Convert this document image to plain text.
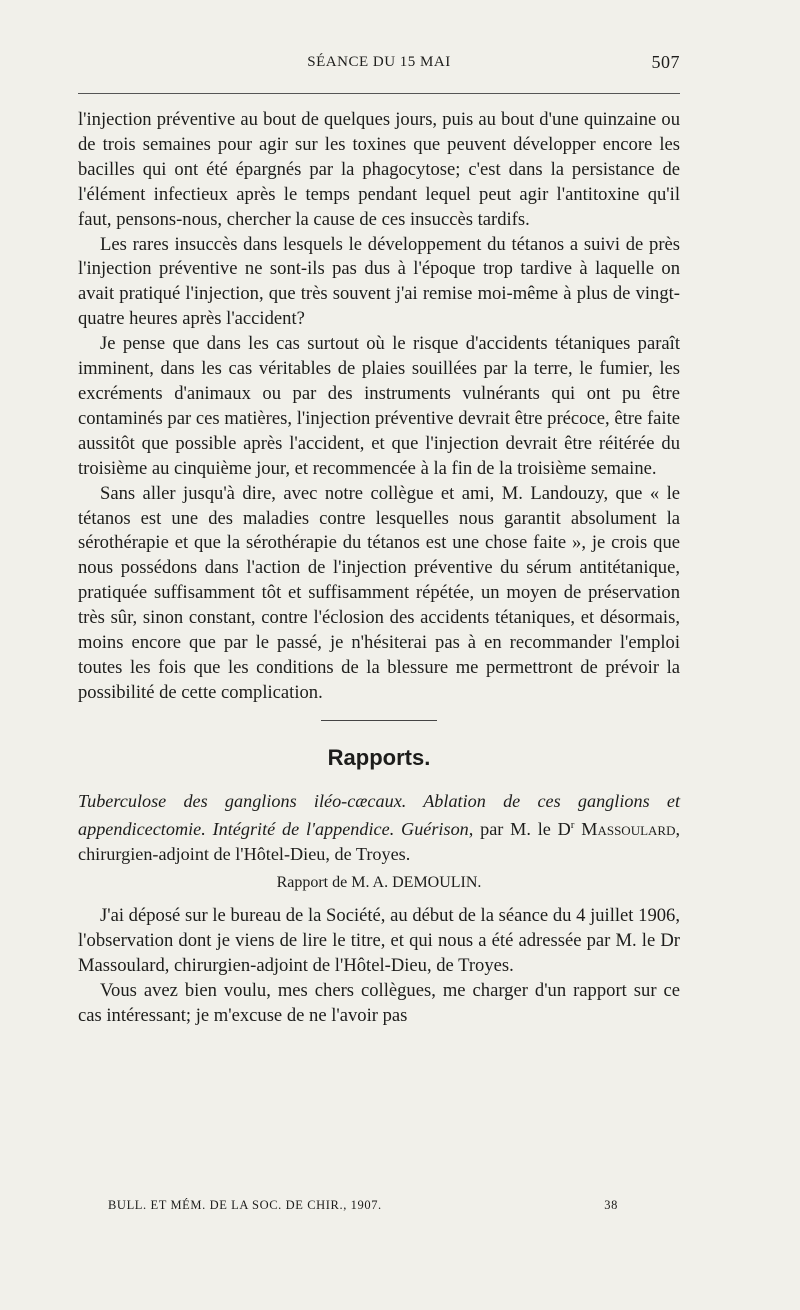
SÉANCE DU 15 MAI	507

l'injection préventive au bout de quelques jours, puis au bout d'une quinzaine ou de trois semaines pour agir sur les toxines que peuvent développer encore les bacilles qui ont été épargnés par la phagocytose; c'est dans la persistance de l'élément infectieux après le temps pendant lequel peut agir l'antitoxine qu'il faut, pensons-nous, chercher la cause de ces insuccès tardifs.

Les rares insuccès dans lesquels le développement du tétanos a suivi de près l'injection préventive ne sont-ils pas dus à l'époque trop tardive à laquelle on avait pratiqué l'injection, que très souvent j'ai remise moi-même à plus de vingt-quatre heures après l'accident?

Je pense que dans les cas surtout où le risque d'accidents tétaniques paraît imminent, dans les cas véritables de plaies souillées par la terre, le fumier, les excréments d'animaux ou par des instruments vulnérants qui ont pu être contaminés par ces matières, l'injection préventive devrait être précoce, être faite aussitôt que possible après l'accident, et que l'injection devrait être réitérée du troisième au cinquième jour, et recommencée à la fin de la troisième semaine.

Sans aller jusqu'à dire, avec notre collègue et ami, M. Landouzy, que « le tétanos est une des maladies contre lesquelles nous garantit absolument la sérothérapie et que la sérothérapie du tétanos est une chose faite », je crois que nous possédons dans l'action de l'injection préventive du sérum antitétanique, pratiquée suffisamment tôt et suffisamment répétée, un moyen de préservation très sûr, sinon constant, contre l'éclosion des accidents tétaniques, et désormais, moins encore que par le passé, je n'hésiterai pas à en recommander l'emploi toutes les fois que les conditions de la blessure me permettront de prévoir la possibilité de cette complication.

Rapports.

Tuberculose des ganglions iléo-cæcaux. Ablation de ces ganglions et appendicectomie. Intégrité de l'appendice. Guérison, par M. le $D^r$ Massoulard, chirurgien-adjoint de l'Hôtel-Dieu, de Troyes.

Rapport de M. A. DEMOULIN.

J'ai déposé sur le bureau de la Société, au début de la séance du 4 juillet 1906, l'observation dont je viens de lire le titre, et qui nous a été adressée par M. le Dr Massoulard, chirurgien-adjoint de l'Hôtel-Dieu, de Troyes.

Vous avez bien voulu, mes chers collègues, me charger d'un rapport sur ce cas intéressant; je m'excuse de ne l'avoir pas

BULL. ET MÉM. DE LA SOC. DE CHIR., 1907.	38
